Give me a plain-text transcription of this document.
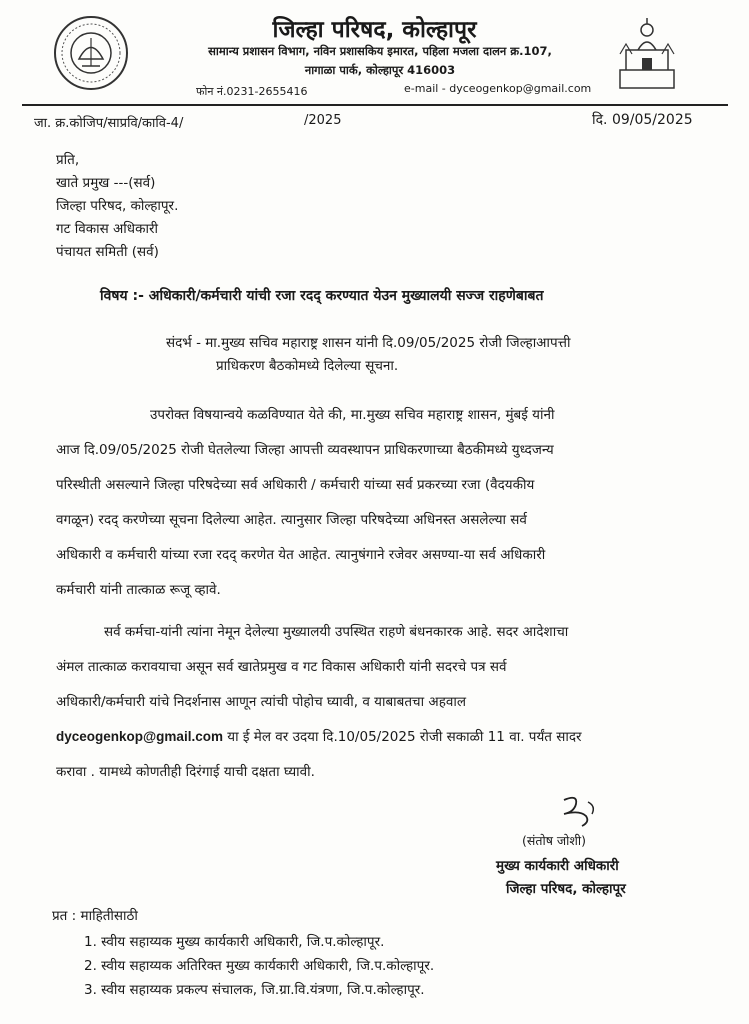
जिल्हा परिषद, कोल्हापूर
सामान्य प्रशासन विभाग, नविन प्रशासकिय इमारत, पहिला मजला दालन क्र.107,
नागाळा पार्क, कोल्हापूर 416003
फोन नं.0231-2655416	e-mail - dyceogenkop@gmail.com
जा. क्र.कोजिप/साप्रवि/कावि-4/	/2025	दि. 09/05/2025
प्रति,
खाते प्रमुख ---(सर्व)
जिल्हा परिषद, कोल्हापूर.
गट विकास अधिकारी
पंचायत समिती (सर्व)
विषय :- अधिकारी/कर्मचारी यांची रजा रदद् करण्यात येउन मुख्यालयी सज्ज राहणेबाबत
संदर्भ - मा.मुख्य सचिव महाराष्ट्र शासन यांनी दि.09/05/2025 रोजी जिल्हाआपत्ती
प्राधिकरण बैठकोमध्ये दिलेल्या सूचना.
उपरोक्त विषयान्वये कळविण्यात येते की, मा.मुख्य सचिव महाराष्ट्र शासन, मुंबई यांनी
आज दि.09/05/2025 रोजी घेतलेल्या जिल्हा आपत्ती व्यवस्थापन प्राधिकरणाच्या बैठकीमध्ये युध्दजन्य
परिस्थीती असल्याने जिल्हा परिषदेच्या सर्व अधिकारी / कर्मचारी यांच्या सर्व प्रकरच्या रजा (वैदयकीय
वगळून) रदद् करणेच्या सूचना दिलेल्या आहेत. त्यानुसार जिल्हा परिषदेच्या अधिनस्त असलेल्या सर्व
अधिकारी व कर्मचारी यांच्या रजा रदद् करणेत येत आहेत. त्यानुषंगाने रजेवर असण्या-या सर्व अधिकारी
कर्मचारी यांनी तात्काळ रूजू व्हावे.
सर्व कर्मचा-यांनी त्यांना नेमून देलेल्या मुख्यालयी उपस्थित राहणे बंधनकारक आहे. सदर आदेशाचा
अंमल तात्काळ करावयाचा असून सर्व खातेप्रमुख व गट विकास अधिकारी यांनी सदरचे पत्र सर्व
अधिकारी/कर्मचारी यांचे निदर्शनास आणून त्यांची पोहोच घ्यावी, व याबाबतचा अहवाल
dyceogenkop@gmail.com या ई मेल वर उदया दि.10/05/2025 रोजी सकाळी 11 वा. पर्यंत सादर
करावा . यामध्ये कोणतीही दिरंगाई याची दक्षता घ्यावी.
(संतोष जोशी)
मुख्य कार्यकारी अधिकारी
जिल्हा परिषद, कोल्हापूर
प्रत : माहितीसाठी
1. स्वीय सहाय्यक मुख्य कार्यकारी अधिकारी, जि.प.कोल्हापूर.
2. स्वीय सहाय्यक अतिरिक्त मुख्य कार्यकारी अधिकारी, जि.प.कोल्हापूर.
3. स्वीय सहाय्यक प्रकल्प संचालक, जि.ग्रा.वि.यंत्रणा, जि.प.कोल्हापूर.
